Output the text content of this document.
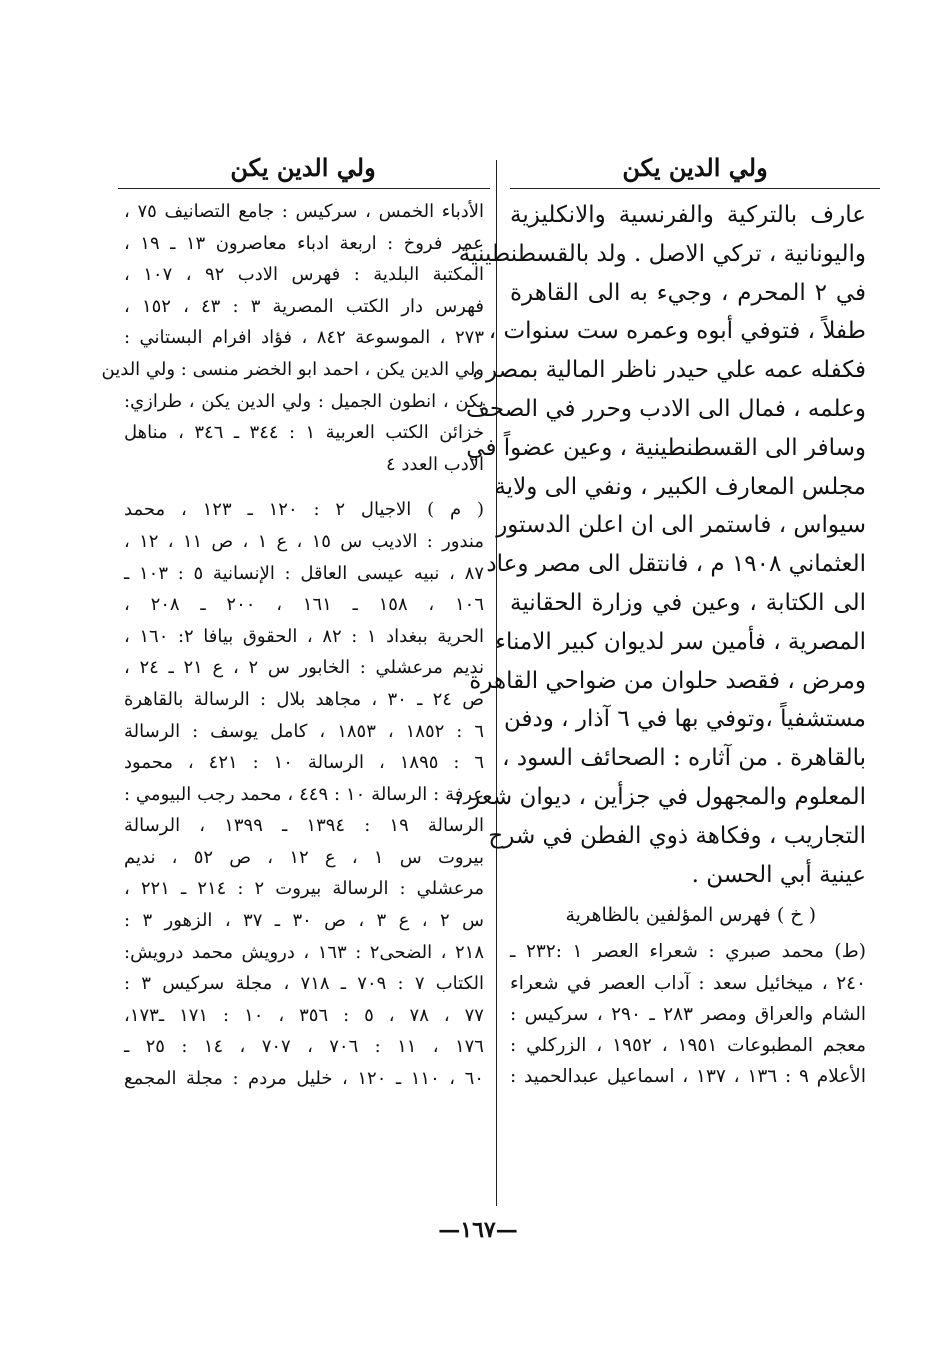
ولي الدين يكن
ولي الدين يكن
عارف بالتركية والفرنسية والانكليزية
واليونانية ، تركي الاصل . ولد بالقسطنطينية
في ٢ المحرم ، وجيء به الى القاهرة
طفلاً ، فتوفي أبوه وعمره ست سنوات ،
فكفله عمه علي حيدر ناظر المالية بمصر ،
وعلمه ، فمال الى الادب وحرر في الصحف
وسافر الى القسطنطينية ، وعين عضواً في
مجلس المعارف الكبير ، ونفي الى ولاية
سيواس ، فاستمر الى ان اعلن الدستور
العثماني ١٩٠٨ م ، فانتقل الى مصر وعاد
الى الكتابة ، وعين في وزارة الحقانية
المصرية ، فأمين سر لديوان كبير الامناء
ومرض ، فقصد حلوان من ضواحي القاهرة
مستشفياً ،وتوفي بها في ٦ آذار ، ودفن
بالقاهرة . من آثاره : الصحائف السود ،
المعلوم والمجهول في جزأين ، ديوان شعر ،
التجاريب ، وفكاهة ذوي الفطن في شرح
عينية أبي الحسن .
( خ ) فهرس المؤلفين بالظاهرية
(ط) محمد صبري : شعراء العصر ١ :٢٣٢ ـ
٢٤٠ ، ميخائيل سعد : آداب العصر في شعراء
الشام والعراق ومصر ٢٨٣ ـ ٢٩٠ ، سركيس :
معجم المطبوعات ١٩٥١ ، ١٩٥٢ ، الزركلي :
الأعلام ٩ : ١٣٦ ، ١٣٧ ، اسماعيل عبدالحميد :
الأدباء الخمس ، سركيس : جامع التصانيف ٧٥ ،
عمر فروخ : اربعة ادباء معاصرون ١٣ ـ ١٩ ،
المكتبة البلدية : فهرس الادب ٩٢ ، ١٠٧ ،
فهرس دار الكتب المصرية ٣ : ٤٣ ، ١٥٢ ،
٢٧٣ ، الموسوعة ٨٤٢ ، فؤاد افرام البستاني :
ولي الدين يكن ، احمد ابو الخضر منسى : ولي الدين
يكن ، انطون الجميل : ولي الدين يكن ، طرازي:
خزائن الكتب العربية ١ : ٣٤٤ ـ ٣٤٦ ، مناهل
الادب العدد ٤
( م ) الاجيال ٢ : ١٢٠ ـ ١٢٣ ، محمد
مندور : الاديب س ١٥ ، ع ١ ، ص ١١ ، ١٢ ،
٨٧ ، نبيه عيسى العاقل : الإنسانية ٥ : ١٠٣ ـ
١٠٦ ، ١٥٨ ـ ١٦١ ، ٢٠٠ ـ ٢٠٨ ،
الحرية ببغداد ١ : ٨٢ ، الحقوق بيافا ٢: ١٦٠ ،
نديم مرعشلي : الخابور س ٢ ، ع ٢١ ـ ٢٤ ،
ص ٢٤ ـ ٣٠ ، مجاهد بلال : الرسالة بالقاهرة
٦ : ١٨٥٢ ، ١٨٥٣ ، كامل يوسف : الرسالة
٦ : ١٨٩٥ ، الرسالة ١٠ : ٤٢١ ، محمود
عرفة : الرسالة ١٠ : ٤٤٩ ، محمد رجب البيومي :
الرسالة ١٩ : ١٣٩٤ ـ ١٣٩٩ ، الرسالة
بيروت س ١ ، ع ١٢ ، ص ٥٢ ، نديم
مرعشلي : الرسالة بيروت ٢ : ٢١٤ ـ ٢٢١ ،
س ٢ ، ع ٣ ، ص ٣٠ ـ ٣٧ ، الزهور ٣ :
٢١٨ ، الضحى٢ : ١٦٣ ، درويش محمد درويش:
الكتاب ٧ : ٧٠٩ ـ ٧١٨ ، مجلة سركيس ٣ :
٧٧ ، ٧٨ ، ٥ : ٣٥٦ ، ١٠ : ١٧١ ـ١٧٣،
١٧٦ ، ١١ : ٧٠٦ ، ٧٠٧ ، ١٤ : ٢٥ ـ
٦٠ ، ١١٠ ـ ١٢٠ ، خليل مردم : مجلة المجمع
—١٦٧—
